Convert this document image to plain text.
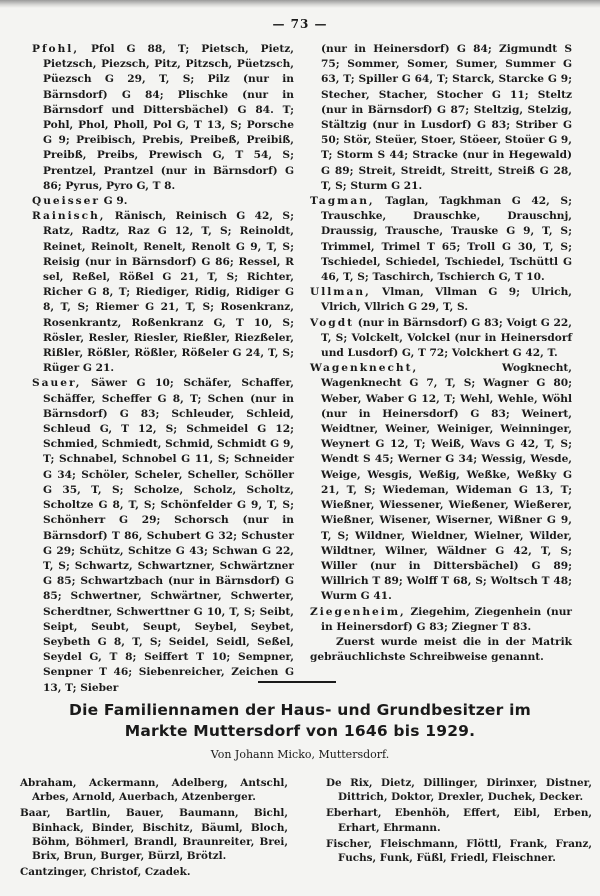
— 73 —

Pfohl, Pfol G 88, T; Pietsch, Pietz, Pietzsch, Piezsch, Pitz, Pitzsch, Püetzsch, Püezsch G 29, T, S; Pilz (nur in Bärnsdorf) G 84; Plischke (nur in Bärnsdorf und Dittersbächel) G 84. T; Pohl, Phol, Pholl, Pol G, T 13, S; Porsche G 9; Preibisch, Prebis, Preibeß, Preibiß, Preibß, Preibs, Prewisch G, T 54, S; Prentzel, Prantzel (nur in Bärnsdorf) G 86; Pyrus, Pyro G, T 8.

Queisser G 9.

Rainisch, Ränisch, Reinisch G 42, S; Ratz, Radtz, Raz G 12, T, S; Reinoldt, Reinet, Reinolt, Renelt, Renolt G 9, T, S; Reisig (nur in Bärnsdorf) G 86; Ressel, R sel, Reßel, Rößel G 21, T, S; Richter, Richer G 8, T; Riediger, Ridig, Ridiger G 8, T, S; Riemer G 21, T, S; Rosenkranz, Rosenkrantz, Roßenkranz G, T 10, S; Rösler, Resler, Riesler, Rießler, Riezßeler, Rißler, Rößler, Rößler, Rößeler G 24, T, S; Rüger G 21.

Sauer, Säwer G 10; Schäfer, Schaffer, Schäffer, Scheffer G 8, T; Schen (nur in Bärnsdorf) G 83; Schleuder, Schleid, Schleud G, T 12, S; Schmeidel G 12; Schmied, Schmiedt, Schmid, Schmidt G 9, T; Schnabel, Schnobel G 11, S; Schneider G 34; Schöler, Scheler, Scheller, Schöller G 35, T, S; Scholze, Scholz, Scholtz, Scholtze G 8, T, S; Schönfelder G 9, T, S; Schönherr G 29; Schorsch (nur in Bärnsdorf) T 86, Schubert G 32; Schuster G 29; Schütz, Schitze G 43; Schwan G 22, T, S; Schwartz, Schwartzner, Schwärtzner G 85; Schwartzbach (nur in Bärnsdorf) G 85; Schwertner, Schwärtner, Schwerter, Scherdtner, Schwerttner G 10, T, S; Seibt, Seipt, Seubt, Seupt, Seybel, Seybet, Seybeth G 8, T, S; Seidel, Seidl, Seßel, Seydel G, T 8; Seiffert T 10; Sempner, Senpner T 46; Siebenreicher, Zeichen G 13, T; Sieber

(nur in Heinersdorf) G 84; Zigmundt S 75; Sommer, Somer, Sumer, Summer G 63, T; Spiller G 64, T; Starck, Starcke G 9; Stecher, Stacher, Stocher G 11; Steltz (nur in Bärnsdorf) G 87; Steltzig, Stelzig, Stältzig (nur in Lusdorf) G 83; Striber G 50; Stör, Steüer, Stoer, Stöeer, Stoüer G 9, T; Storm S 44; Stracke (nur in Hegewald) G 89; Streit, Streidt, Streitt, Streiß G 28, T, S; Sturm G 21.

Tagman, Taglan, Tagkhman G 42, S; Trauschke, Drauschke, Drauschnj, Draussig, Trausche, Trauske G 9, T, S; Trimmel, Trimel T 65; Troll G 30, T, S; Tschiedel, Schiedel, Tschiedel, Tschüttl G 46, T, S; Taschirch, Tschierch G, T 10.

Ullman, Vlman, Vllman G 9; Ulrich, Vlrich, Vllrich G 29, T, S.

Vogdt (nur in Bärnsdorf) G 83; Voigt G 22, T, S; Volckelt, Volckel (nur in Heinersdorf und Lusdorf) G, T 72; Volckhert G 42, T.

Wagenknecht, Wogknecht, Wagenknecht G 7, T, S; Wagner G 80; Weber, Waber G 12, T; Wehl, Wehle, Wöhl (nur in Heinersdorf) G 83; Weinert, Weidtner, Weiner, Weiniger, Weinninger, Weynert G 12, T; Weiß, Wavs G 42, T, S; Wendt S 45; Werner G 34; Wessig, Wesde, Weige, Wesgis, Weßig, Weßke, Weßky G 21, T, S; Wiedeman, Wideman G 13, T; Wießner, Wiessener, Wießener, Wießerer, Wießner, Wisener, Wiserner, Wißner G 9, T, S; Wildner, Wieldner, Wielner, Wilder, Wildtner, Wilner, Wäldner G 42, T, S; Willer (nur in Dittersbächel) G 89; Willrich T 89; Wolff T 68, S; Woltsch T 48; Wurm G 41.

Ziegenheim, Ziegehim, Ziegenhein (nur in Heinersdorf) G 83; Ziegner T 83.

Zuerst wurde meist die in der Matrik gebräuchlichste Schreibweise genannt.

Die Familiennamen der Haus- und Grundbesitzer im
Markte Muttersdorf von 1646 bis 1929.
Von Johann Micko, Muttersdorf.

Abraham, Ackermann, Adelberg, Antschl, Arbes, Arnold, Auerbach, Atzenberger.

Baar, Bartlin, Bauer, Baumann, Bichl, Binhack, Binder, Bischitz, Bäuml, Bloch, Böhm, Böhmerl, Brandl, Braunreiter, Brei, Brix, Brun, Burger, Bürzl, Brötzl.

Cantzinger, Christof, Czadek.

De Rix, Dietz, Dillinger, Dirinxer, Distner, Dittrich, Doktor, Drexler, Duchek, Decker.

Eberhart, Ebenhöh, Effert, Eibl, Erben, Erhart, Ehrmann.

Fischer, Fleischmann, Flöttl, Frank, Franz, Fuchs, Funk, Füßl, Friedl, Fleischner.
